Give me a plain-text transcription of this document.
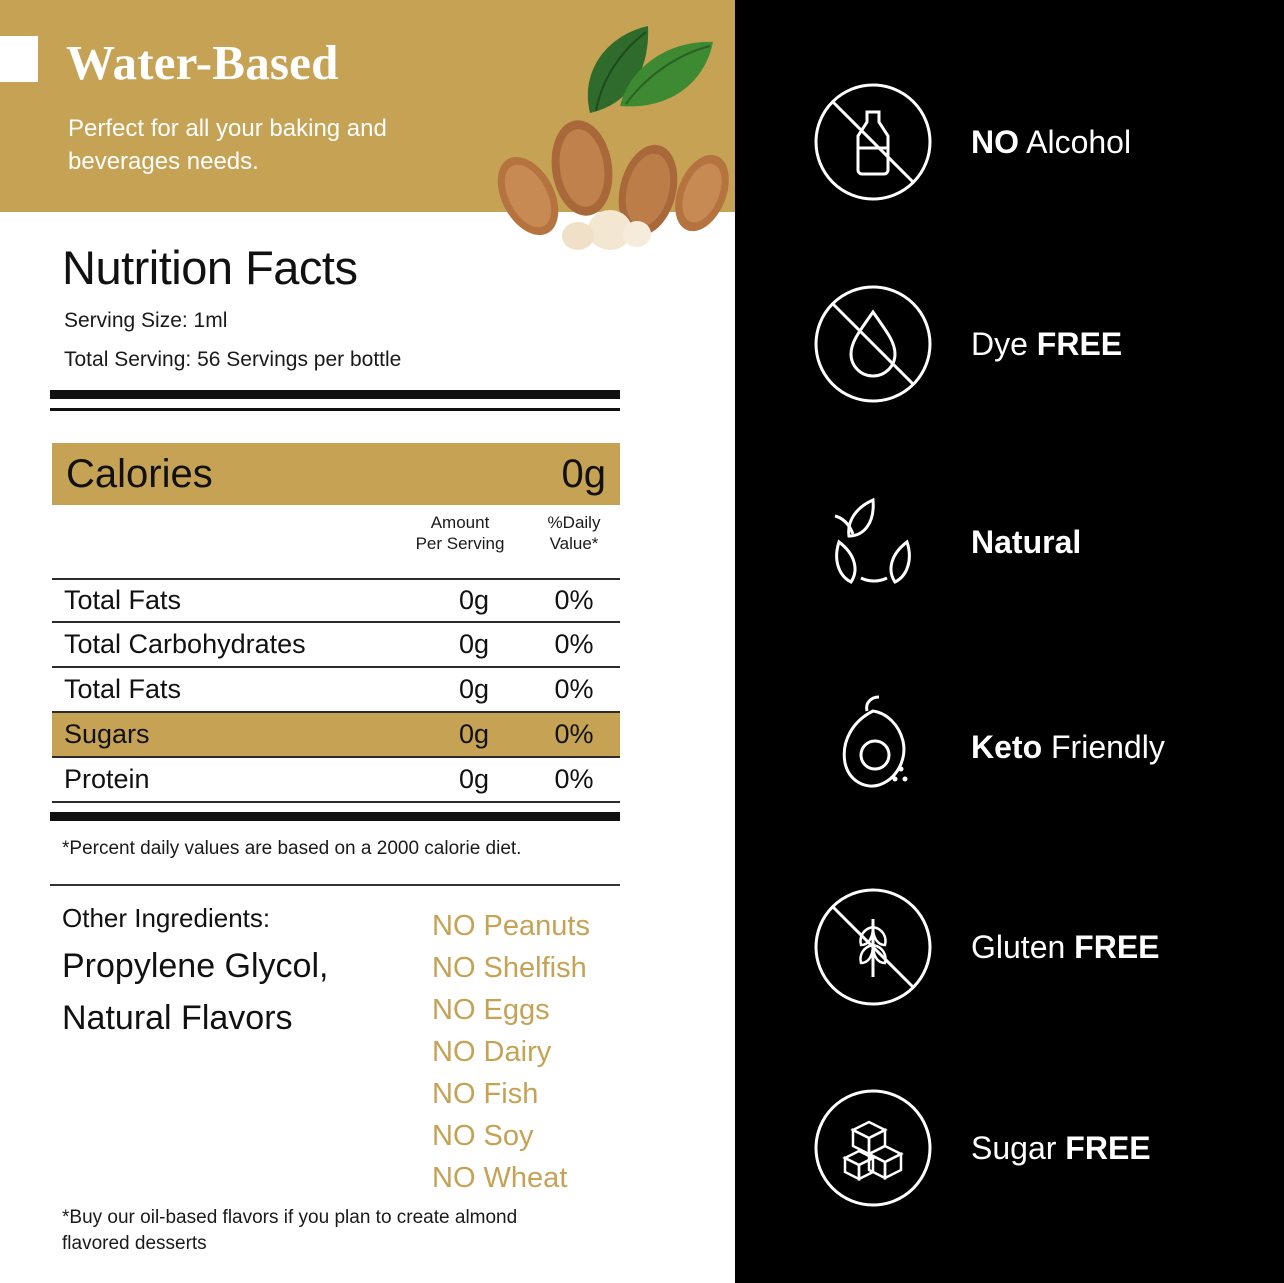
Water-Based
Perfect for all your baking and beverages needs.
Nutrition Facts
Serving Size: 1ml
Total Serving: 56 Servings per bottle
Calories	0g
Amount
Per Serving
%Daily
Value*
Total Fats	0g	0%
Total Carbohydrates	0g	0%
Total Fats	0g	0%
Sugars	0g	0%
Protein	0g	0%
*Percent daily values are based on a 2000 calorie diet.
Other Ingredients:
Propylene Glycol, Natural Flavors
NO Peanuts
NO Shelfish
NO Eggs
NO Dairy
NO Fish
NO Soy
NO Wheat
*Buy our oil-based flavors if you plan to create almond flavored desserts
NO Alcohol
Dye FREE
Natural
Keto Friendly
Gluten FREE
Sugar FREE
